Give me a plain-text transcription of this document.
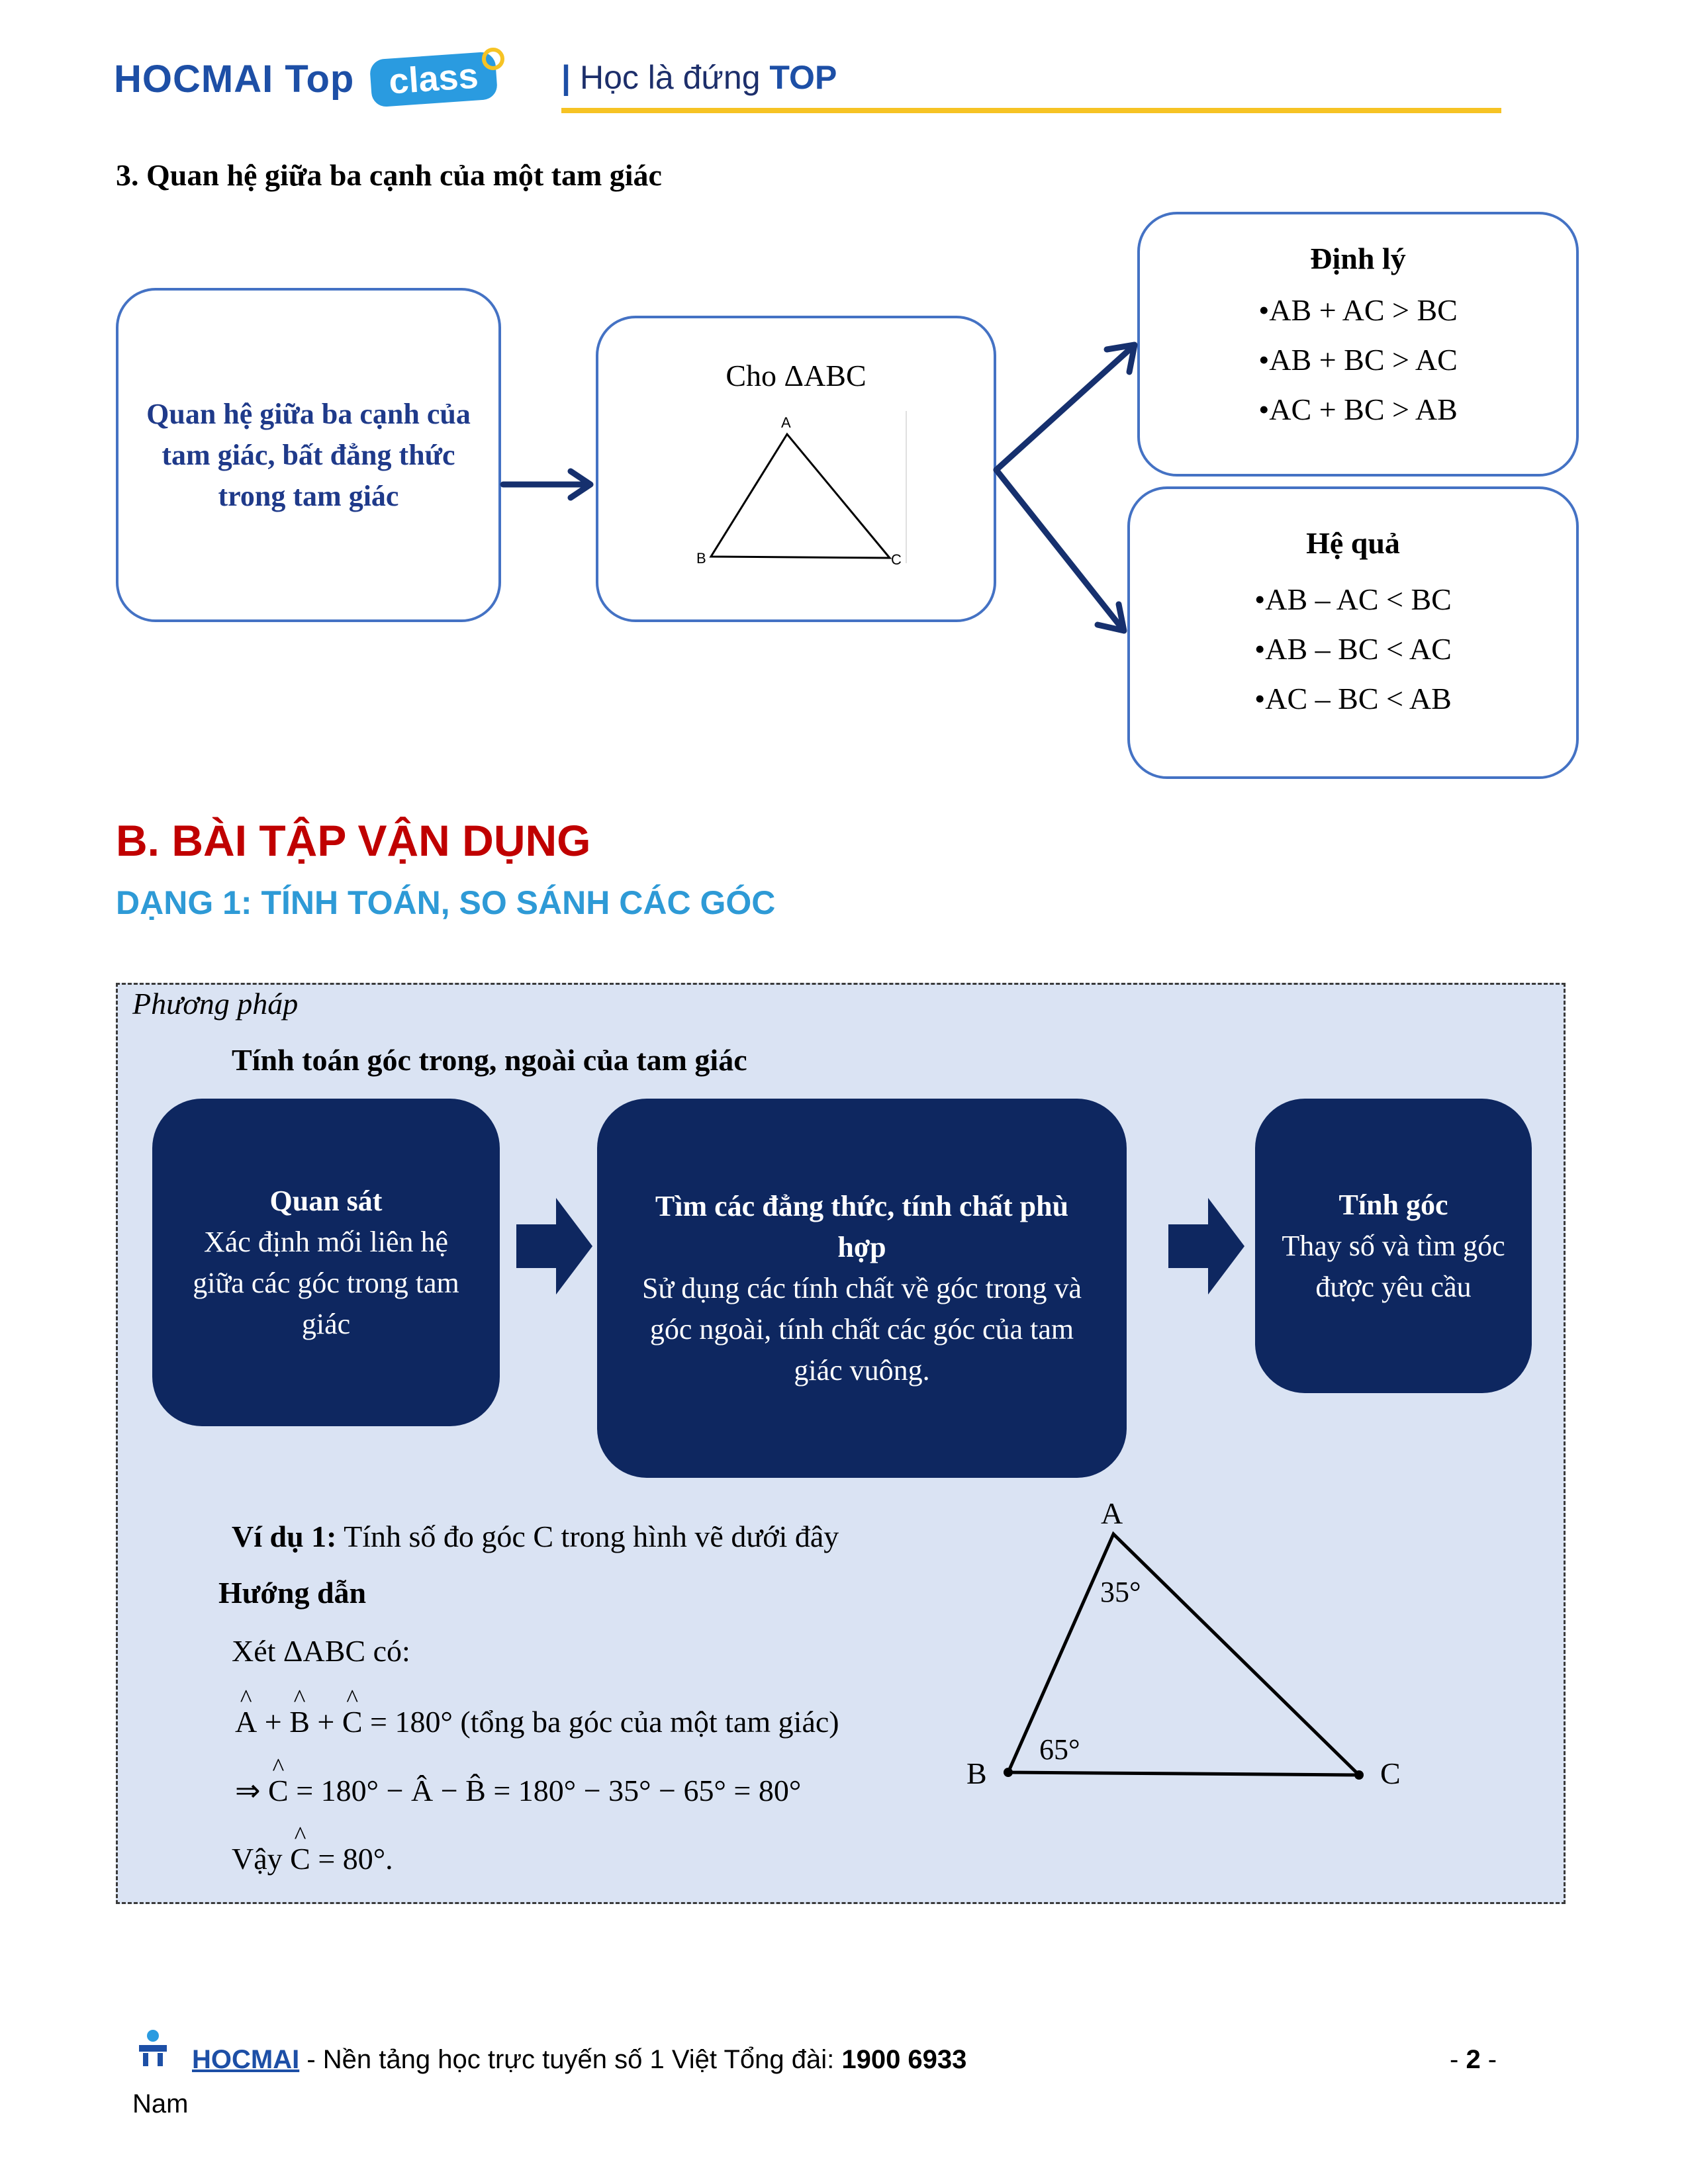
HOCMAI Top class	| Học là đứng TOP
3. Quan hệ giữa ba cạnh của một tam giác
Quan hệ giữa ba cạnh của tam giác, bất đẳng thức trong tam giác
Cho ΔABC
A
B	C
Định lý
•AB + AC > BC
•AB + BC > AC
•AC + BC > AB
Hệ quả
•AB – AC < BC
•AB – BC < AC
•AC – BC < AB
B. BÀI TẬP VẬN DỤNG
DẠNG 1: TÍNH TOÁN, SO SÁNH CÁC GÓC
Phương pháp
Tính toán góc trong, ngoài của tam giác
Quan sát
Xác định mối liên hệ giữa các góc trong tam giác
Tìm các đẳng thức, tính chất phù hợp
Sử dụng các tính chất về góc trong và góc ngoài, tính chất các góc của tam giác vuông.
Tính góc
Thay số và tìm góc được yêu cầu
Ví dụ 1: Tính số đo góc C trong hình vẽ dưới đây
Hướng dẫn
Xét ΔABC có:
^ A + ^ B + ^ C = 180° (tổng ba góc của một tam giác)
⇒ ^ C = 180° − Â − B̂ = 180° − 35° − 65° = 80°
Vậy ^ C = 80°.
A
B	C
35°
65°
HOCMAI - Nền tảng học trực tuyến số 1 Việt Tổng đài: 1900 6933
Nam
- 2 -
